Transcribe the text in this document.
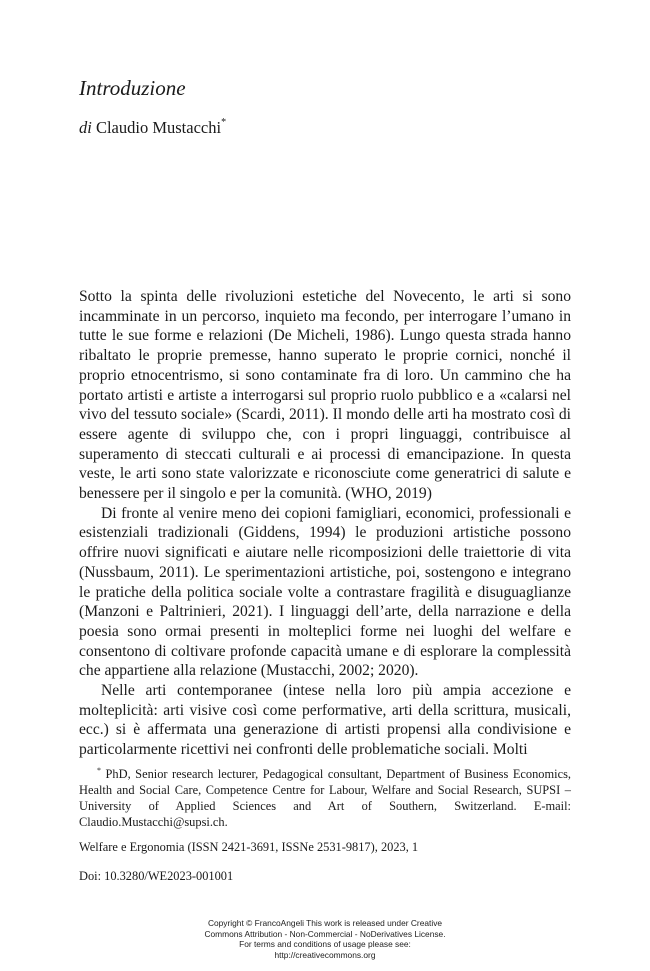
Introduzione
di Claudio Mustacchi*

Sotto la spinta delle rivoluzioni estetiche del Novecento, le arti si sono incamminate in un percorso, inquieto ma fecondo, per interrogare l’umano in tutte le sue forme e relazioni (De Micheli, 1986). Lungo questa strada hanno ribaltato le proprie premesse, hanno superato le proprie cornici, nonché il proprio etnocentrismo, si sono contaminate fra di loro. Un cammino che ha portato artisti e artiste a interrogarsi sul proprio ruolo pubblico e a «calarsi nel vivo del tessuto sociale» (Scardi, 2011). Il mondo delle arti ha mostrato così di essere agente di sviluppo che, con i propri linguaggi, contribuisce al superamento di steccati culturali e ai processi di emancipazione. In questa veste, le arti sono state valorizzate e riconosciute come generatrici di salute e benessere per il singolo e per la comunità. (WHO, 2019)

Di fronte al venire meno dei copioni famigliari, economici, professionali e esistenziali tradizionali (Giddens, 1994) le produzioni artistiche possono offrire nuovi significati e aiutare nelle ricomposizioni delle traiettorie di vita (Nussbaum, 2011). Le sperimentazioni artistiche, poi, sostengono e integrano le pratiche della politica sociale volte a contrastare fragilità e disuguaglianze (Manzoni e Paltrinieri, 2021). I linguaggi dell’arte, della narrazione e della poesia sono ormai presenti in molteplici forme nei luoghi del welfare e consentono di coltivare profonde capacità umane e di esplorare la complessità che appartiene alla relazione (Mustacchi, 2002; 2020).

Nelle arti contemporanee (intese nella loro più ampia accezione e molteplicità: arti visive così come performative, arti della scrittura, musicali, ecc.) si è affermata una generazione di artisti propensi alla condivisione e particolarmente ricettivi nei confronti delle problematiche sociali. Molti

* PhD, Senior research lecturer, Pedagogical consultant, Department of Business Economics, Health and Social Care, Competence Centre for Labour, Welfare and Social Research, SUPSI – University of Applied Sciences and Art of Southern, Switzerland. E-mail: Claudio.Mustacchi@supsi.ch.

Welfare e Ergonomia (ISSN 2421-3691, ISSNe 2531-9817), 2023, 1
Doi: 10.3280/WE2023-001001
Copyright © FrancoAngeli This work is released under Creative
Commons Attribution - Non-Commercial - NoDerivatives License.
For terms and conditions of usage please see:
http://creativecommons.org
